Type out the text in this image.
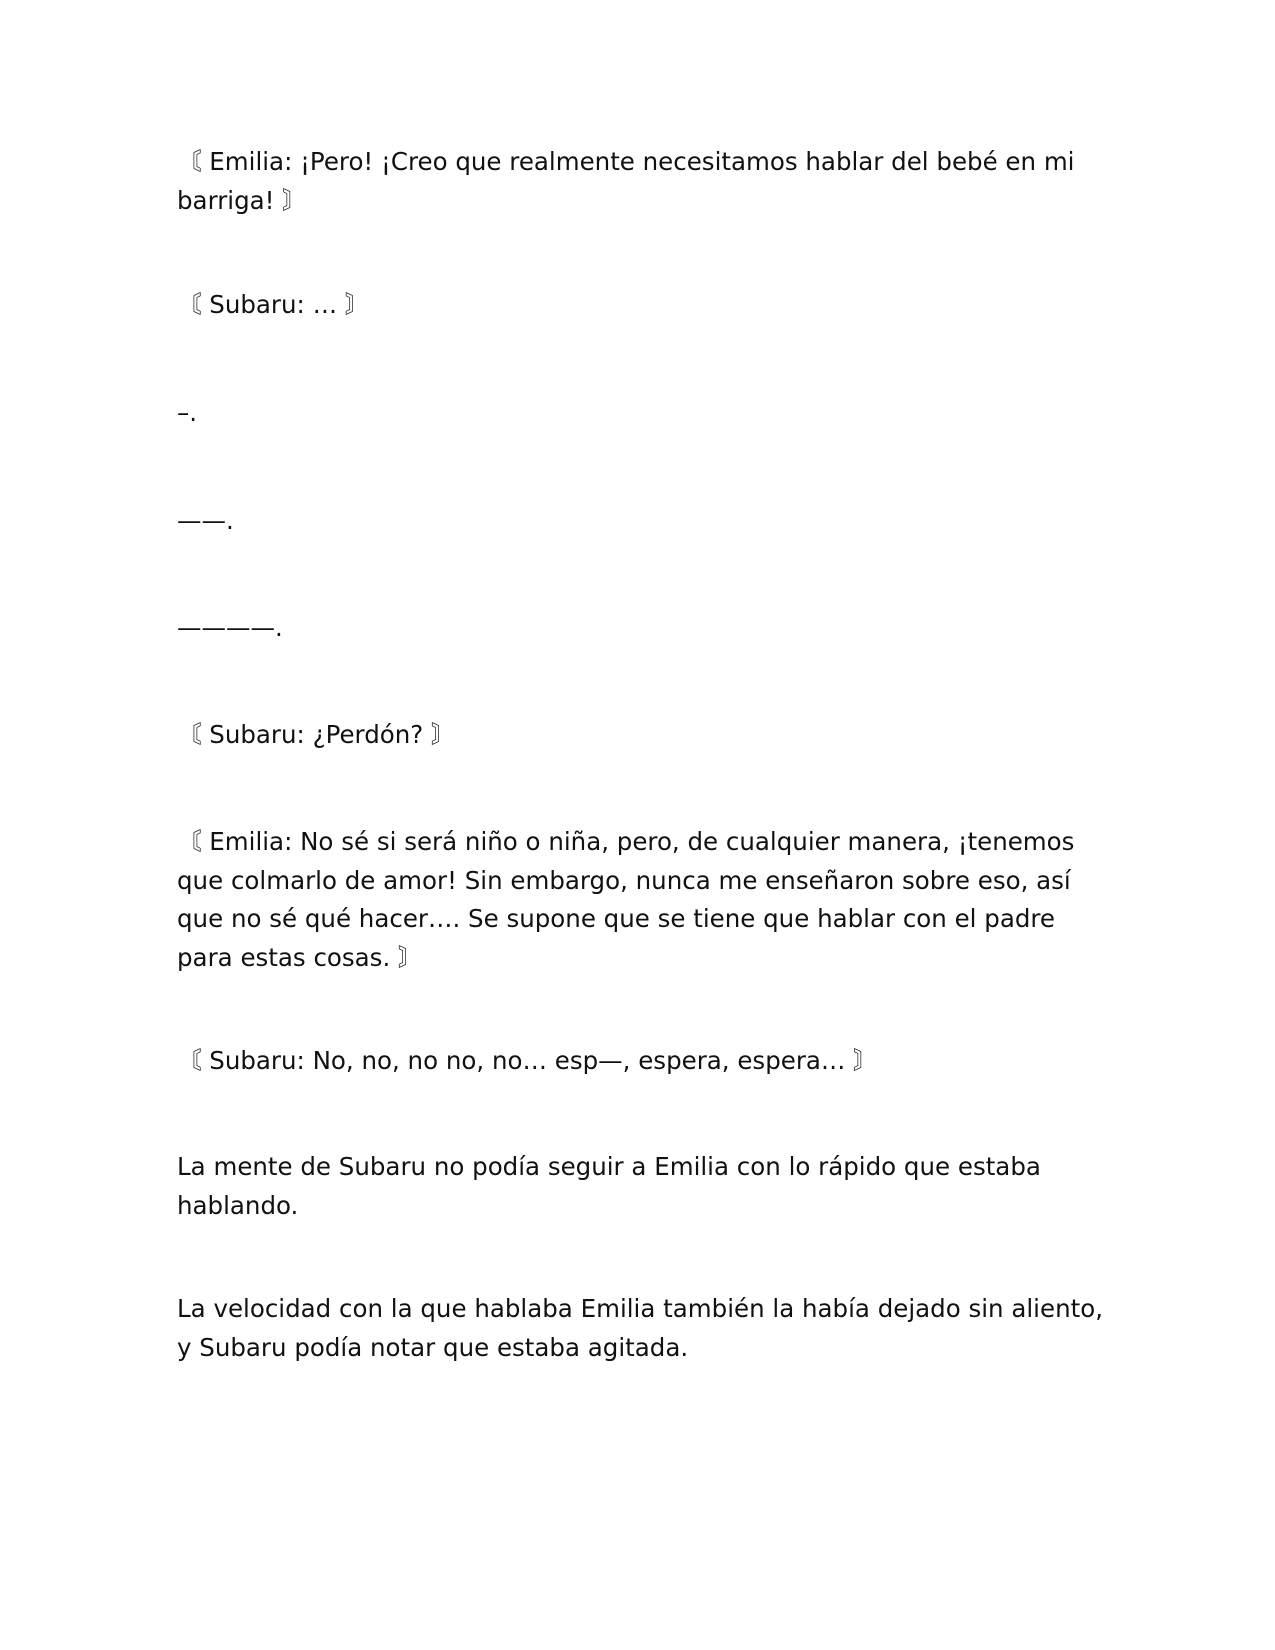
〘 Emilia: ¡Pero! ¡Creo que realmente necesitamos hablar del bebé en mi barriga! 〙

〘 Subaru: … 〙

–.

——.

————.

〘 Subaru: ¿Perdón? 〙

〘 Emilia: No sé si será niño o niña, pero, de cualquier manera, ¡tenemos que colmarlo de amor! Sin embargo, nunca me enseñaron sobre eso, así que no sé qué hacer…. Se supone que se tiene que hablar con el padre para estas cosas. 〙

〘 Subaru: No, no, no no, no… esp—, espera, espera… 〙

La mente de Subaru no podía seguir a Emilia con lo rápido que estaba hablando.

La velocidad con la que hablaba Emilia también la había dejado sin aliento, y Subaru podía notar que estaba agitada.
